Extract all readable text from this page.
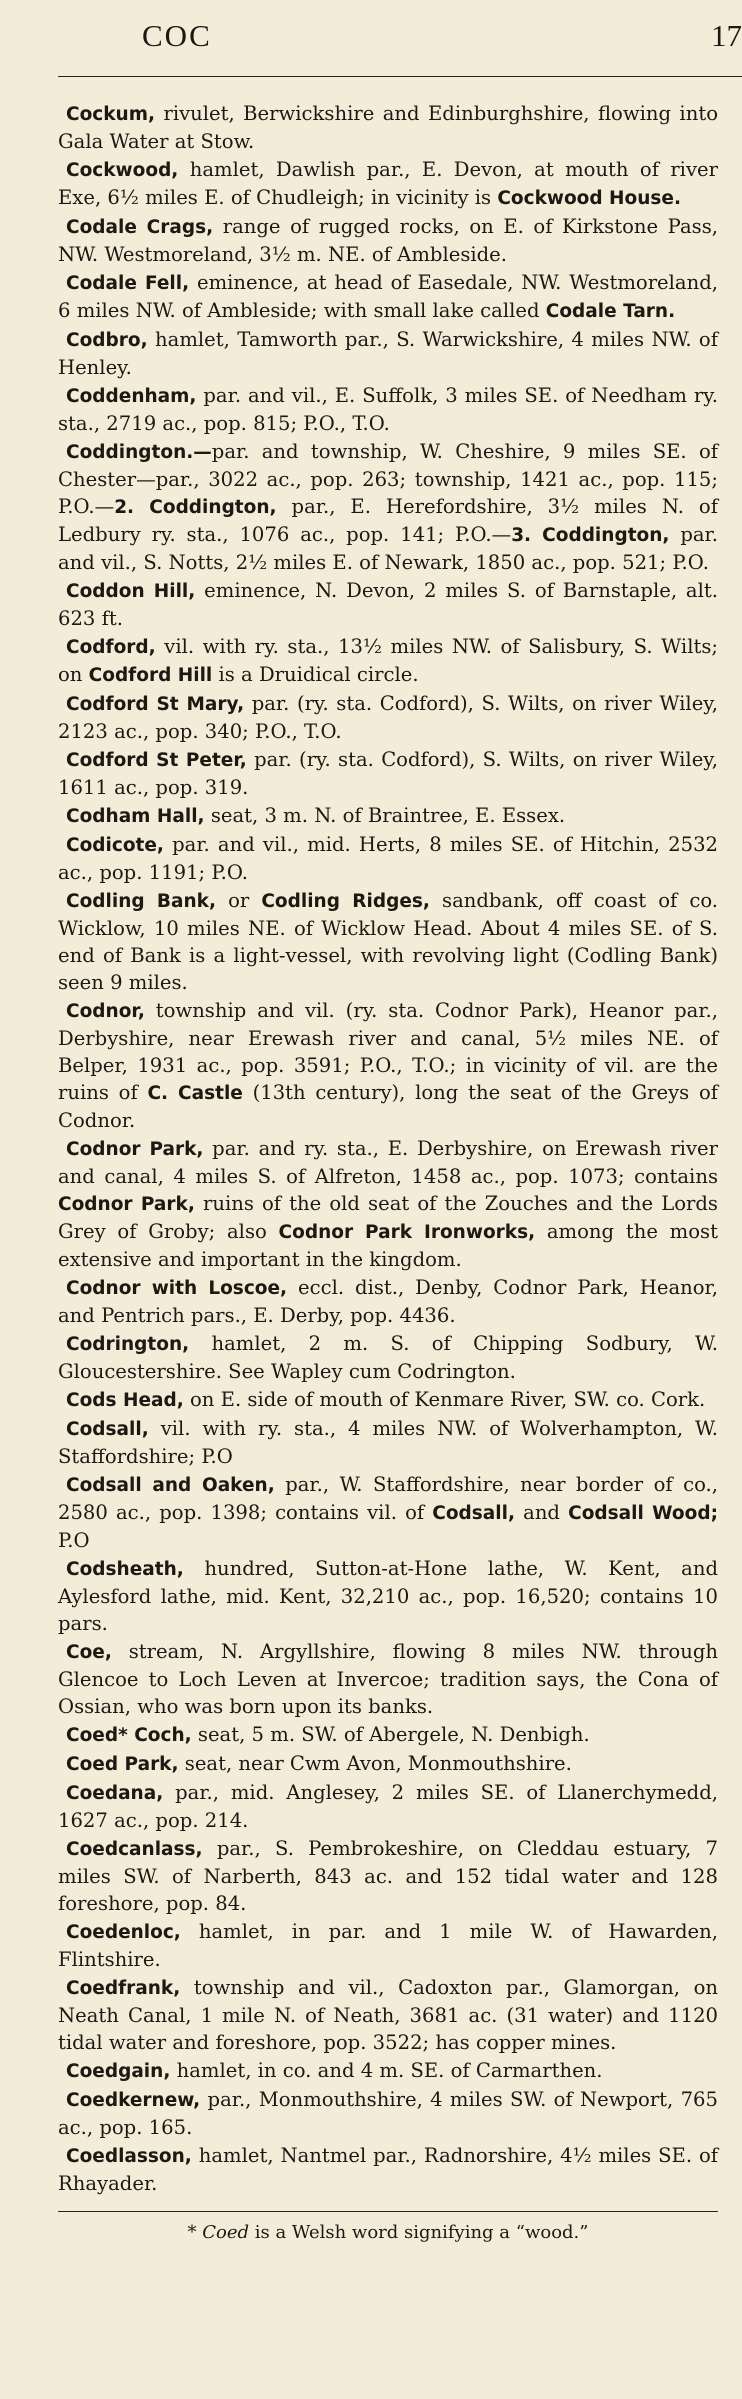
COC	17

Cockum, rivulet, Berwickshire and Edinburghshire, flowing into Gala Water at Stow.

Cockwood, hamlet, Dawlish par., E. Devon, at mouth of river Exe, 6½ miles E. of Chudleigh; in vicinity is Cockwood House.

Codale Crags, range of rugged rocks, on E. of Kirkstone Pass, NW. Westmoreland, 3½ m. NE. of Ambleside.

Codale Fell, eminence, at head of Easedale, NW. Westmoreland, 6 miles NW. of Ambleside; with small lake called Codale Tarn.

Codbro, hamlet, Tamworth par., S. Warwickshire, 4 miles NW. of Henley.

Coddenham, par. and vil., E. Suffolk, 3 miles SE. of Needham ry. sta., 2719 ac., pop. 815; P.O., T.O.

Coddington.—par. and township, W. Cheshire, 9 miles SE. of Chester—par., 3022 ac., pop. 263; township, 1421 ac., pop. 115; P.O.—2. Coddington, par., E. Herefordshire, 3½ miles N. of Ledbury ry. sta., 1076 ac., pop. 141; P.O.—3. Coddington, par. and vil., S. Notts, 2½ miles E. of Newark, 1850 ac., pop. 521; P.O.

Coddon Hill, eminence, N. Devon, 2 miles S. of Barnstaple, alt. 623 ft.

Codford, vil. with ry. sta., 13½ miles NW. of Salisbury, S. Wilts; on Codford Hill is a Druidical circle.

Codford St Mary, par. (ry. sta. Codford), S. Wilts, on river Wiley, 2123 ac., pop. 340; P.O., T.O.

Codford St Peter, par. (ry. sta. Codford), S. Wilts, on river Wiley, 1611 ac., pop. 319.

Codham Hall, seat, 3 m. N. of Braintree, E. Essex.

Codicote, par. and vil., mid. Herts, 8 miles SE. of Hitchin, 2532 ac., pop. 1191; P.O.

Codling Bank, or Codling Ridges, sandbank, off coast of co. Wicklow, 10 miles NE. of Wicklow Head. About 4 miles SE. of S. end of Bank is a light-vessel, with revolving light (Codling Bank) seen 9 miles.

Codnor, township and vil. (ry. sta. Codnor Park), Heanor par., Derbyshire, near Erewash river and canal, 5½ miles NE. of Belper, 1931 ac., pop. 3591; P.O., T.O.; in vicinity of vil. are the ruins of C. Castle (13th century), long the seat of the Greys of Codnor.

Codnor Park, par. and ry. sta., E. Derbyshire, on Erewash river and canal, 4 miles S. of Alfreton, 1458 ac., pop. 1073; contains Codnor Park, ruins of the old seat of the Zouches and the Lords Grey of Groby; also Codnor Park Ironworks, among the most extensive and important in the kingdom.

Codnor with Loscoe, eccl. dist., Denby, Codnor Park, Heanor, and Pentrich pars., E. Derby, pop. 4436.

Codrington, hamlet, 2 m. S. of Chipping Sodbury, W. Gloucestershire. See Wapley cum Codrington.

Cods Head, on E. side of mouth of Kenmare River, SW. co. Cork.

Codsall, vil. with ry. sta., 4 miles NW. of Wolverhampton, W. Staffordshire; P.O

Codsall and Oaken, par., W. Staffordshire, near border of co., 2580 ac., pop. 1398; contains vil. of Codsall, and Codsall Wood; P.O

Codsheath, hundred, Sutton-at-Hone lathe, W. Kent, and Aylesford lathe, mid. Kent, 32,210 ac., pop. 16,520; contains 10 pars.

Coe, stream, N. Argyllshire, flowing 8 miles NW. through Glencoe to Loch Leven at Invercoe; tradition says, the Cona of Ossian, who was born upon its banks.

Coed* Coch, seat, 5 m. SW. of Abergele, N. Denbigh.

Coed Park, seat, near Cwm Avon, Monmouthshire.

Coedana, par., mid. Anglesey, 2 miles SE. of Llanerchymedd, 1627 ac., pop. 214.

Coedcanlass, par., S. Pembrokeshire, on Cleddau estuary, 7 miles SW. of Narberth, 843 ac. and 152 tidal water and 128 foreshore, pop. 84.

Coedenloc, hamlet, in par. and 1 mile W. of Hawarden, Flintshire.

Coedfrank, township and vil., Cadoxton par., Glamorgan, on Neath Canal, 1 mile N. of Neath, 3681 ac. (31 water) and 1120 tidal water and foreshore, pop. 3522; has copper mines.

Coedgain, hamlet, in co. and 4 m. SE. of Carmarthen.

Coedkernew, par., Monmouthshire, 4 miles SW. of Newport, 765 ac., pop. 165.

Coedlasson, hamlet, Nantmel par., Radnorshire, 4½ miles SE. of Rhayader.

* Coed is a Welsh word signifying a “wood.”
